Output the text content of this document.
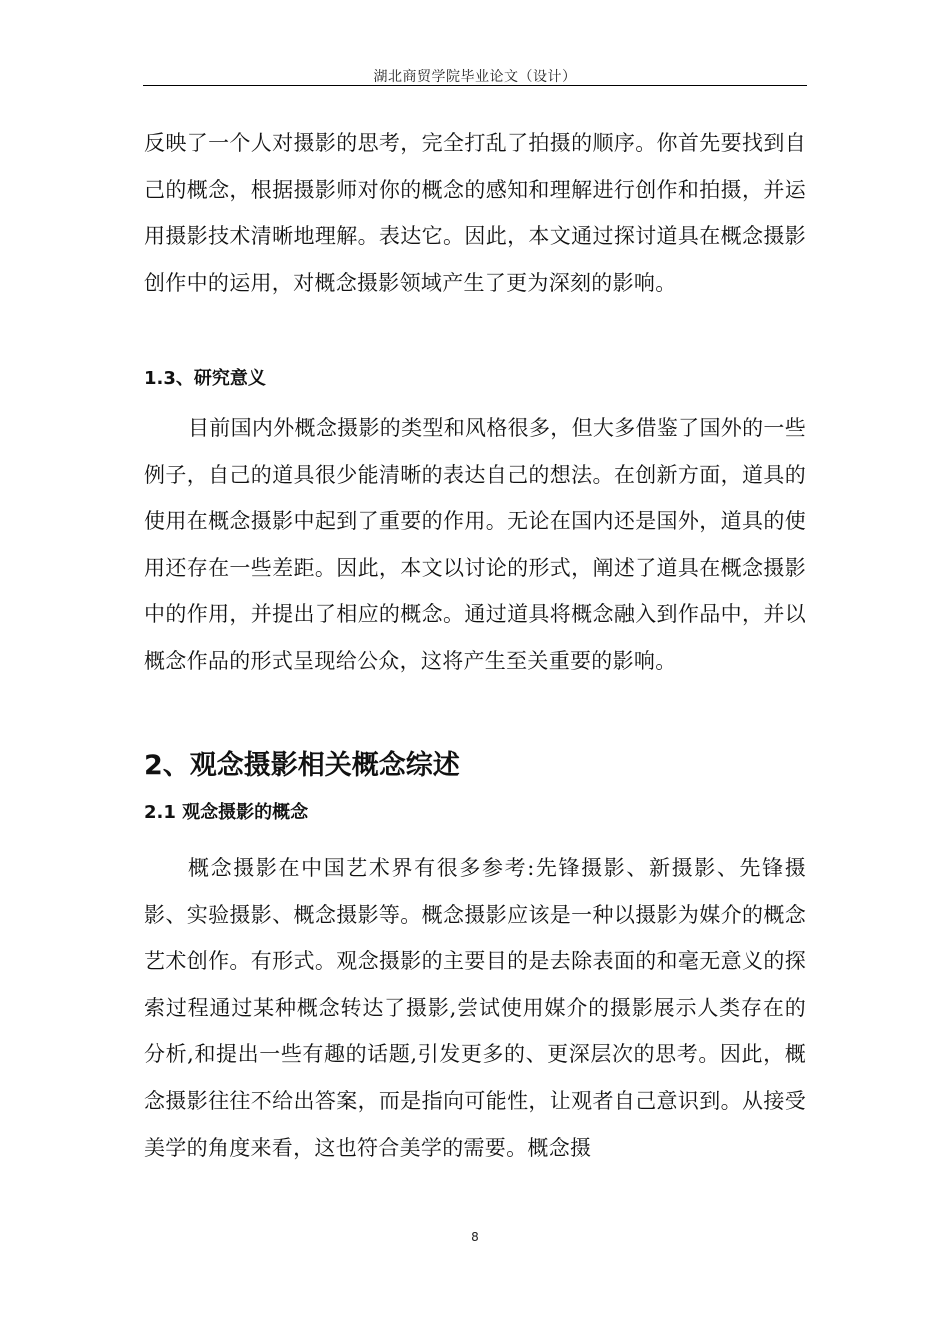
湖北商贸学院毕业论文（设计）

反映了一个人对摄影的思考，完全打乱了拍摄的顺序。你首先要找到自己的概念，根据摄影师对你的概念的感知和理解进行创作和拍摄，并运用摄影技术清晰地理解。表达它。因此，本文通过探讨道具在概念摄影创作中的运用，对概念摄影领域产生了更为深刻的影响。

1.3、研究意义

目前国内外概念摄影的类型和风格很多，但大多借鉴了国外的一些例子，自己的道具很少能清晰的表达自己的想法。在创新方面，道具的使用在概念摄影中起到了重要的作用。无论在国内还是国外，道具的使用还存在一些差距。因此，本文以讨论的形式，阐述了道具在概念摄影中的作用，并提出了相应的概念。通过道具将概念融入到作品中，并以概念作品的形式呈现给公众，这将产生至关重要的影响。

2、观念摄影相关概念综述
2.1 观念摄影的概念

概念摄影在中国艺术界有很多参考:先锋摄影、新摄影、先锋摄影、实验摄影、概念摄影等。概念摄影应该是一种以摄影为媒介的概念艺术创作。有形式。观念摄影的主要目的是去除表面的和毫无意义的探索过程通过某种概念转达了摄影,尝试使用媒介的摄影展示人类存在的分析,和提出一些有趣的话题,引发更多的、更深层次的思考。因此，概念摄影往往不给出答案，而是指向可能性，让观者自己意识到。从接受美学的角度来看，这也符合美学的需要。概念摄

8
